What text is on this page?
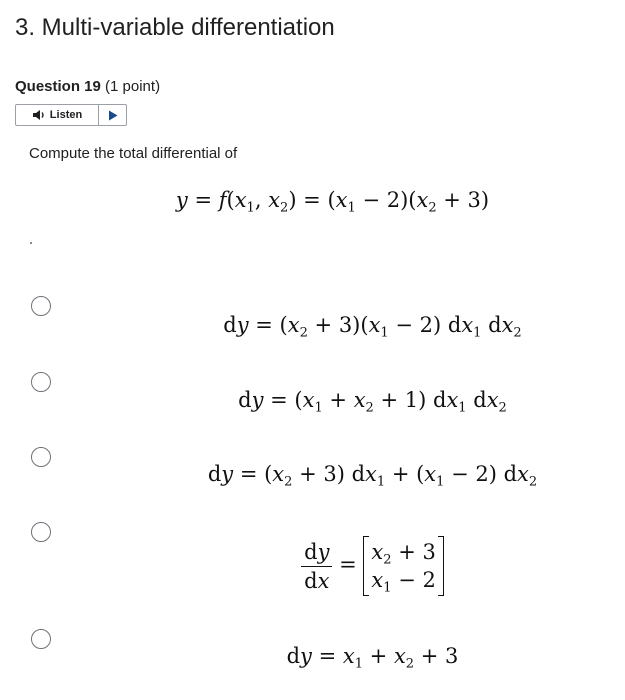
3. Multi-variable differentiation
Question 19 (1 point)
Listen
Compute the total differential of
$y = f(x_1$, $x_2) = (x_1 - 2)(x_2 + 3)$
dy = $(x_2 + 3)(x_1 - 2)$ $dx_1$ $dx_2$
dy = $(x_1 + x_2 + 1)$ $dx_1$ $dx_2$
dy = $(x_2 + 3) dx_1 + (x_1 - 2)$ $dx_2$
$\frac{dy}{dx}$ =
$x_2 + 3$
$x_1 - 2$
dy = $x_1 + x_2 + 3$
